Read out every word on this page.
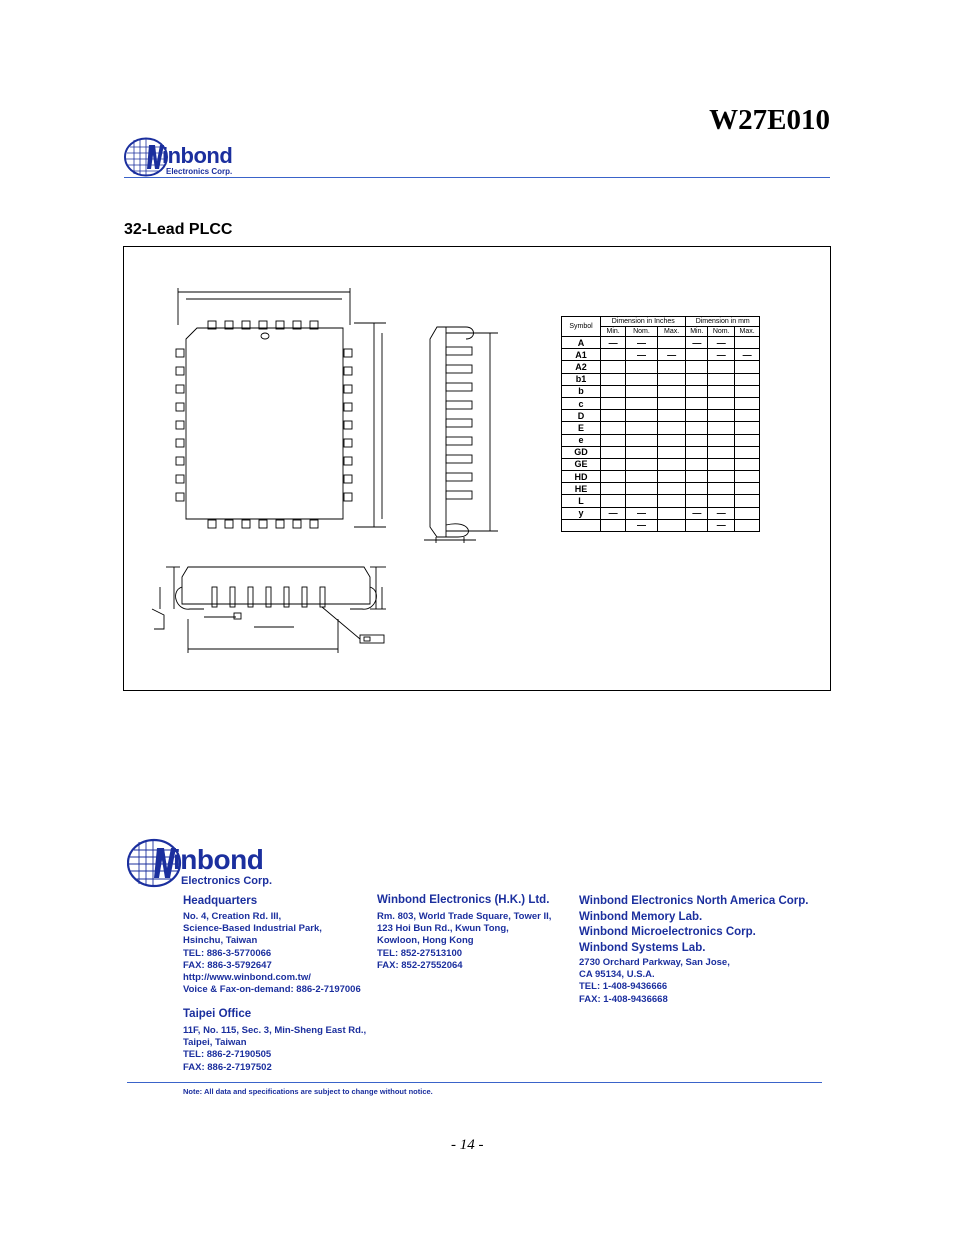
W27E010
inbond
Electronics Corp.
32-Lead PLCC
Symbol	Dimension in Inches			Dimension in mm		
	Min.	Nom.	Max.	Min.	Nom.	Max.
A	—	—		—	—	
A1		—	—		—	—
A2						
b1						
b						
c						
D						
E						
e						
GD						
GE						
HD						
HE						
L						
y	—	—		—	—	
		—			—	
inbond
Electronics Corp.
Headquarters
No. 4, Creation Rd. III,
Science-Based Industrial Park,
Hsinchu, Taiwan
TEL: 886-3-5770066
FAX: 886-3-5792647
http://www.winbond.com.tw/
Voice & Fax-on-demand: 886-2-7197006
Taipei Office
11F, No. 115, Sec. 3, Min-Sheng East Rd.,
Taipei, Taiwan
TEL: 886-2-7190505
FAX: 886-2-7197502
Winbond Electronics (H.K.) Ltd.
Rm. 803, World Trade Square, Tower II,
123 Hoi Bun Rd., Kwun Tong,
Kowloon, Hong Kong
TEL: 852-27513100
FAX: 852-27552064
Winbond Electronics North America Corp.
Winbond Memory Lab.
Winbond Microelectronics Corp.
Winbond Systems Lab.
2730 Orchard Parkway, San Jose,
CA 95134, U.S.A.
TEL: 1-408-9436666
FAX: 1-408-9436668
Note: All data and specifications are subject to change without notice.
- 14 -
